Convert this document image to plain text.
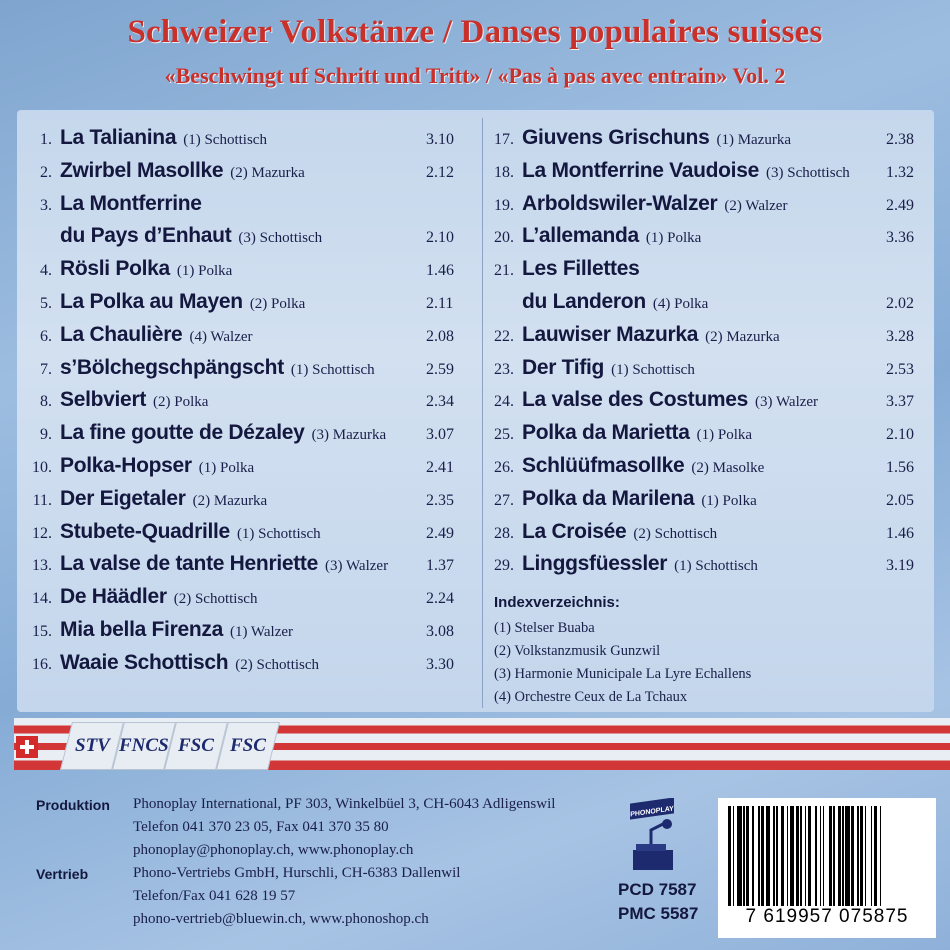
Schweizer Volkstänze / Danses populaires suisses
«Beschwingt uf Schritt und Tritt» / «Pas à pas avec entrain» Vol. 2
1. La Talianina (1) Schottisch	3.10
2. Zwirbel Masollke (2) Mazurka	2.12
3. La Montferrine
du Pays d’Enhaut (3) Schottisch	2.10
4. Rösli Polka (1) Polka	1.46
5. La Polka au Mayen (2) Polka	2.11
6. La Chaulière (4) Walzer	2.08
7. s’Bölchegschpängscht (1) Schottisch	2.59
8. Selbviert (2) Polka	2.34
9. La fine goutte de Dézaley (3) Mazurka 3.07
10. Polka-Hopser (1) Polka	2.41
11. Der Eigetaler (2) Mazurka	2.35
12. Stubete-Quadrille (1) Schottisch	2.49
13. La valse de tante Henriette (3) Walzer 1.37
14. De Häädler (2) Schottisch	2.24
15. Mia bella Firenza (1) Walzer	3.08
16. Waaie Schottisch (2) Schottisch	3.30
17. Giuvens Grischuns (1) Mazurka	2.38
18. La Montferrine Vaudoise (3) Schottisch 1.32
19. Arboldswiler-Walzer (2) Walzer	2.49
20. L’allemanda (1) Polka	3.36
21. Les Fillettes
du Landeron (4) Polka	2.02
22. Lauwiser Mazurka (2) Mazurka	3.28
23. Der Tifig (1) Schottisch	2.53
24. La valse des Costumes (3) Walzer	3.37
25. Polka da Marietta (1) Polka	2.10
26. Schlüüfmasollke (2) Masolke	1.56
27. Polka da Marilena (1) Polka	2.05
28. La Croisée (2) Schottisch	1.46
29. Linggsfüessler (1) Schottisch	3.19
Indexverzeichnis:
(1) Stelser Buaba
(2) Volkstanzmusik Gunzwil
(3) Harmonie Municipale La Lyre Echallens
(4) Orchestre Ceux de La Tchaux
STV FNCS FSC FSC
Produktion Phonoplay International, PF 303, Winkelbüel 3, CH-6043 Adligenswil
Telefon 041 370 23 05, Fax 041 370 35 80
phonoplay@phonoplay.ch, www.phonoplay.ch
Vertrieb	Phono-Vertriebs GmbH, Hurschli, CH-6383 Dallenwil
Telefon/Fax 041 628 19 57
phono-vertrieb@bluewin.ch, www.phonoshop.ch
PHONOPLAY
PCD 7587
PMC 5587	7 619957 075875
